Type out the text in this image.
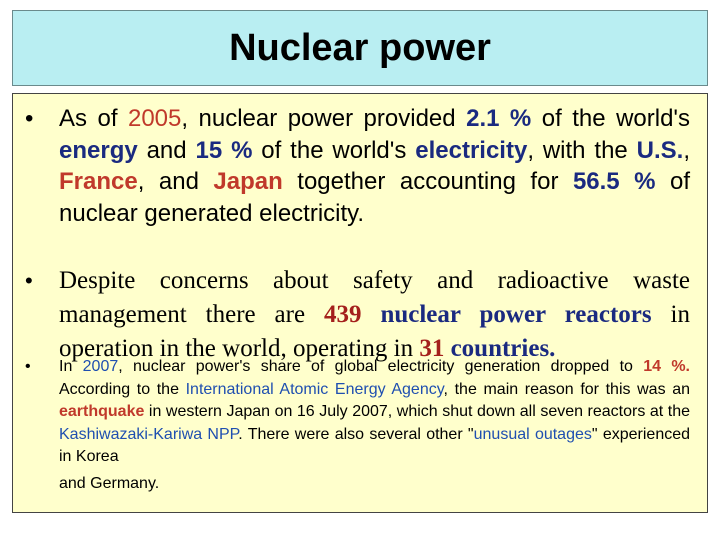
Nuclear power
• As of 2005, nuclear power provided 2.1 % of the world's energy and 15 % of the world's electricity, with the U.S., France, and Japan together accounting for 56.5 % of nuclear generated electricity.
• Despite concerns about safety and radioactive waste management there are 439 nuclear power reactors in operation in the world, operating in 31 countries.
• In 2007, nuclear power's share of global electricity generation dropped to 14 %. According to the International Atomic Energy Agency, the main reason for this was an earthquake in western Japan on 16 July 2007, which shut down all seven reactors at the Kashiwazaki-Kariwa NPP. There were also several other "unusual outages" experienced in Korea
and Germany.
